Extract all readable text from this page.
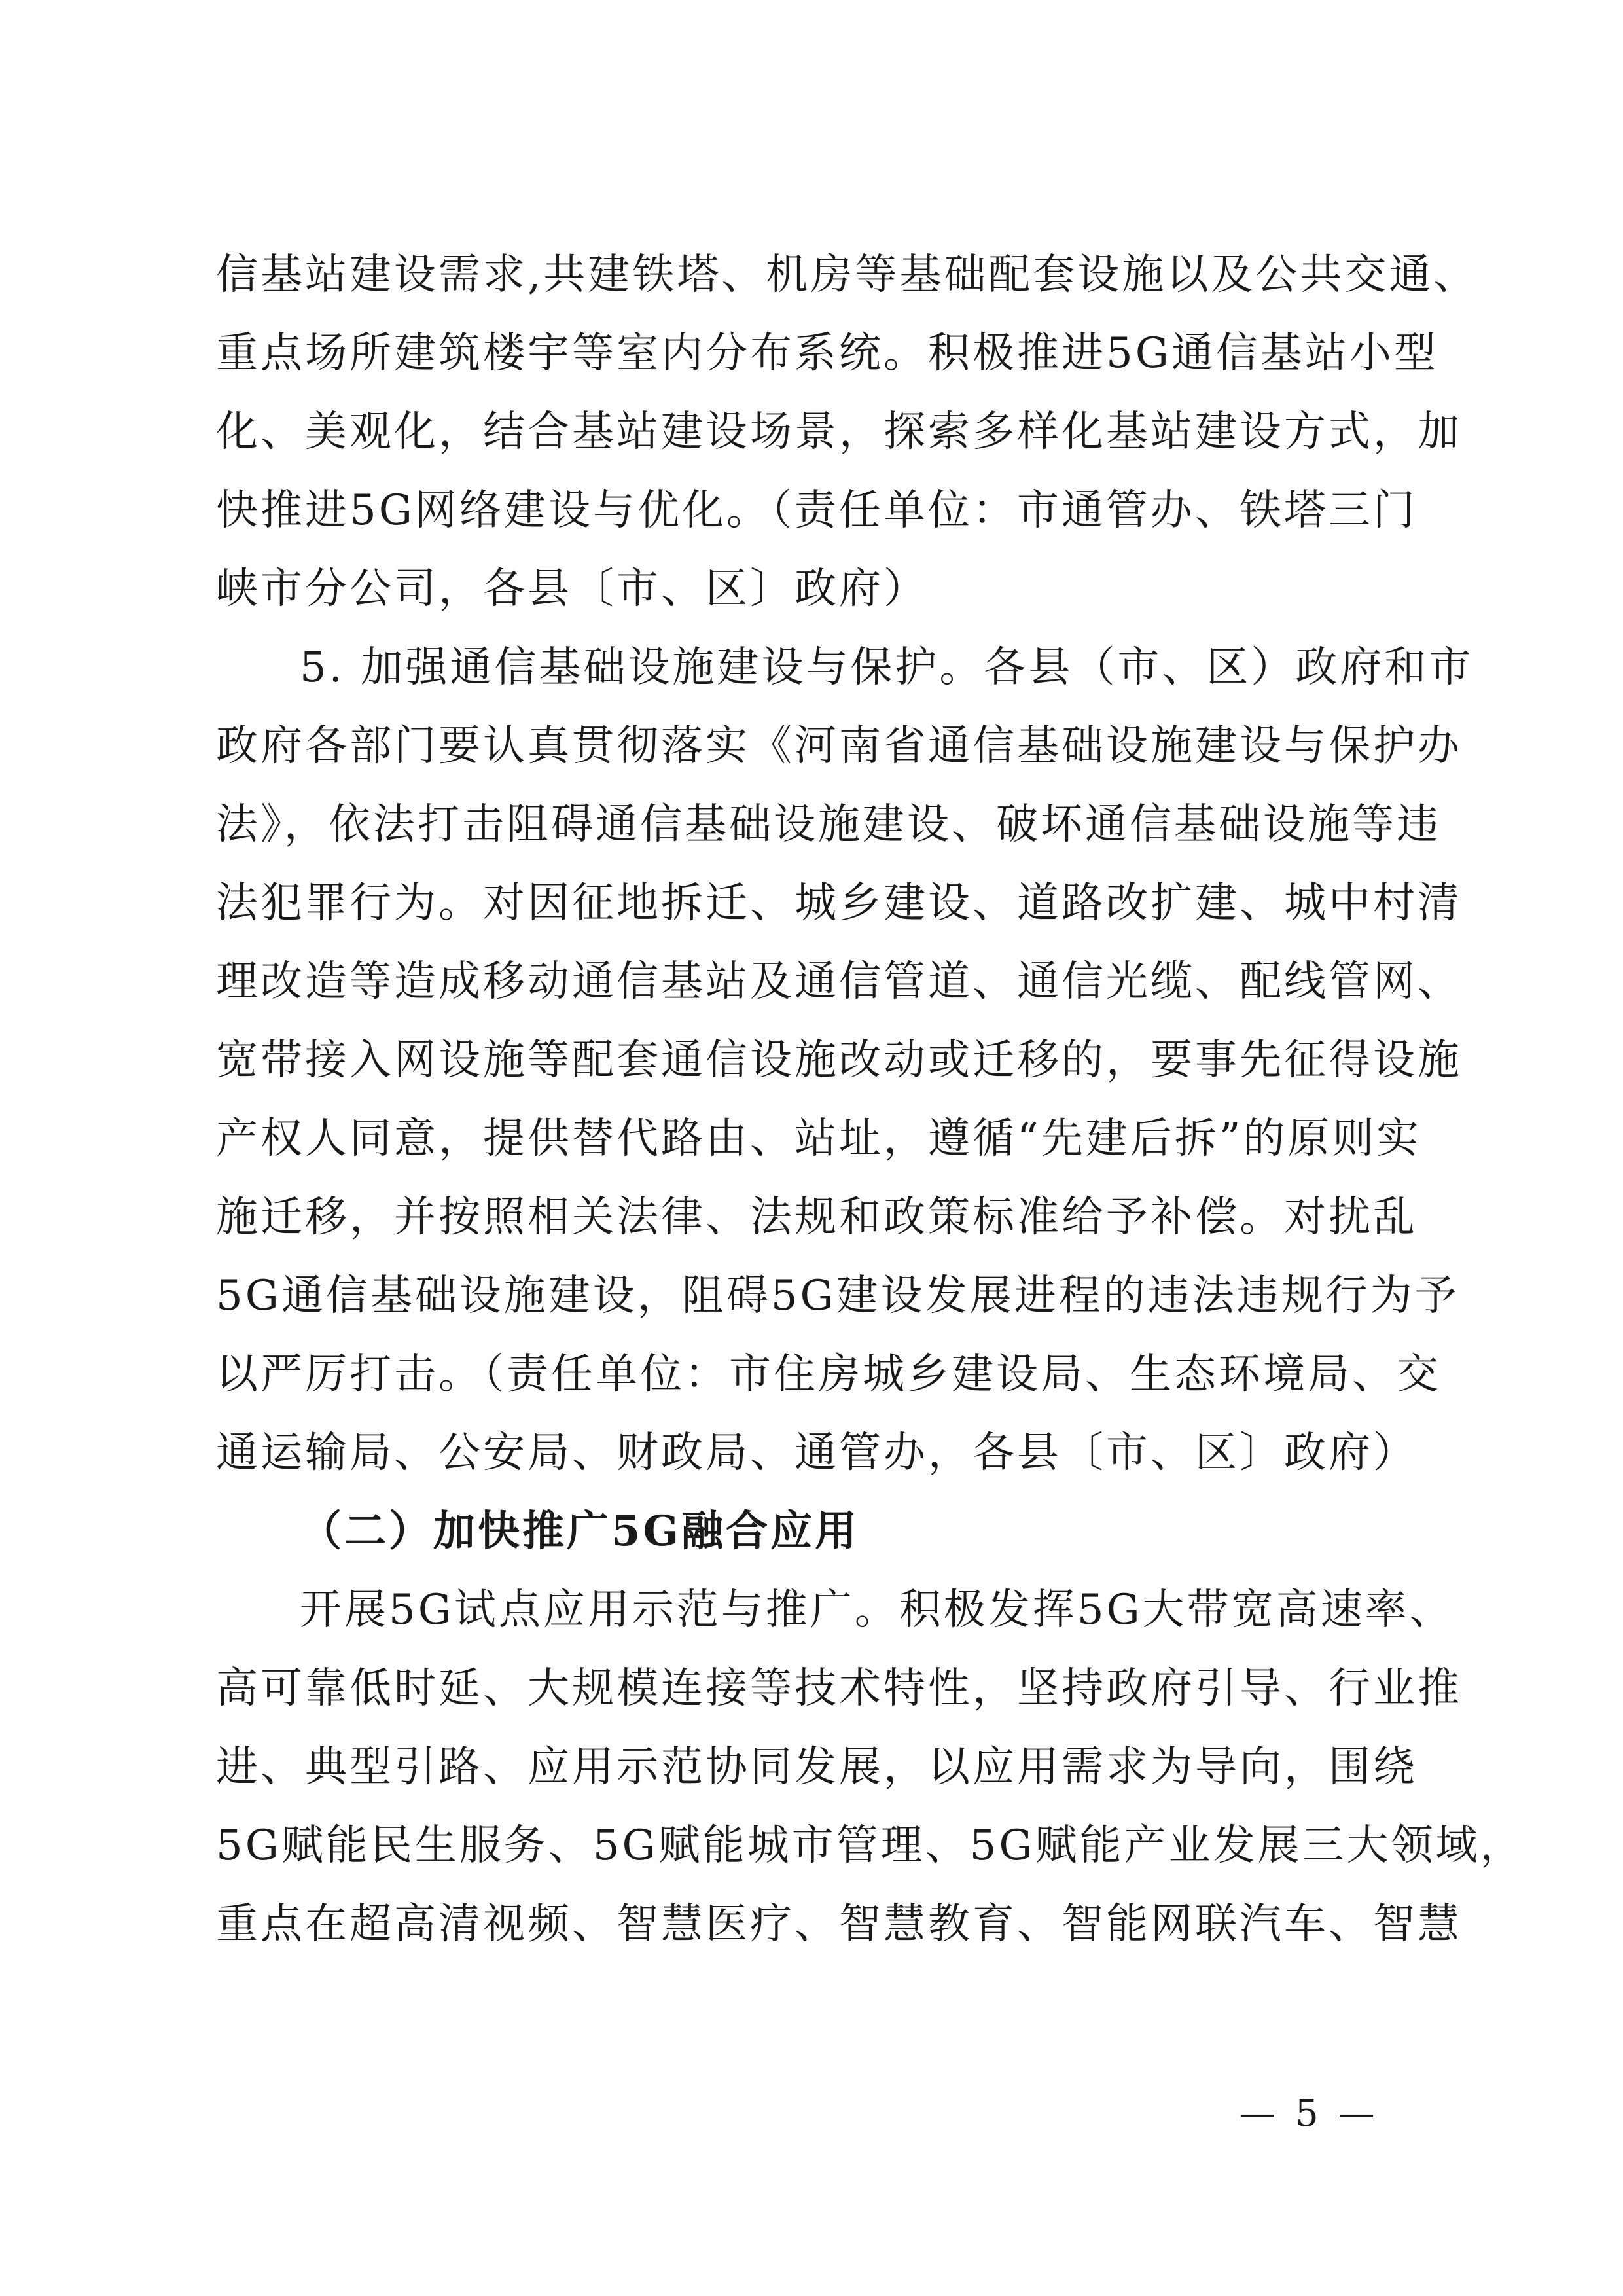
信基站建设需求,共建铁塔、机房等基础配套设施以及公共交通、
重点场所建筑楼宇等室内分布系统。积极推进5G通信基站小型
化、美观化，结合基站建设场景，探索多样化基站建设方式，加
快推进5G网络建设与优化。（责任单位：市通管办、铁塔三门
峡市分公司，各县〔市、区〕政府）
5. 加强通信基础设施建设与保护。各县（市、区）政府和市
政府各部门要认真贯彻落实《河南省通信基础设施建设与保护办
法》，依法打击阻碍通信基础设施建设、破坏通信基础设施等违
法犯罪行为。对因征地拆迁、城乡建设、道路改扩建、城中村清
理改造等造成移动通信基站及通信管道、通信光缆、配线管网、
宽带接入网设施等配套通信设施改动或迁移的，要事先征得设施
产权人同意，提供替代路由、站址，遵循“先建后拆”的原则实
施迁移，并按照相关法律、法规和政策标准给予补偿。对扰乱
5G通信基础设施建设，阻碍5G建设发展进程的违法违规行为予
以严厉打击。（责任单位：市住房城乡建设局、生态环境局、交
通运输局、公安局、财政局、通管办，各县〔市、区〕政府）
（二）加快推广5G融合应用
开展5G试点应用示范与推广。积极发挥5G大带宽高速率、
高可靠低时延、大规模连接等技术特性，坚持政府引导、行业推
进、典型引路、应用示范协同发展，以应用需求为导向，围绕
5G赋能民生服务、5G赋能城市管理、5G赋能产业发展三大领域，
重点在超高清视频、智慧医疗、智慧教育、智能网联汽车、智慧
— 5 —
